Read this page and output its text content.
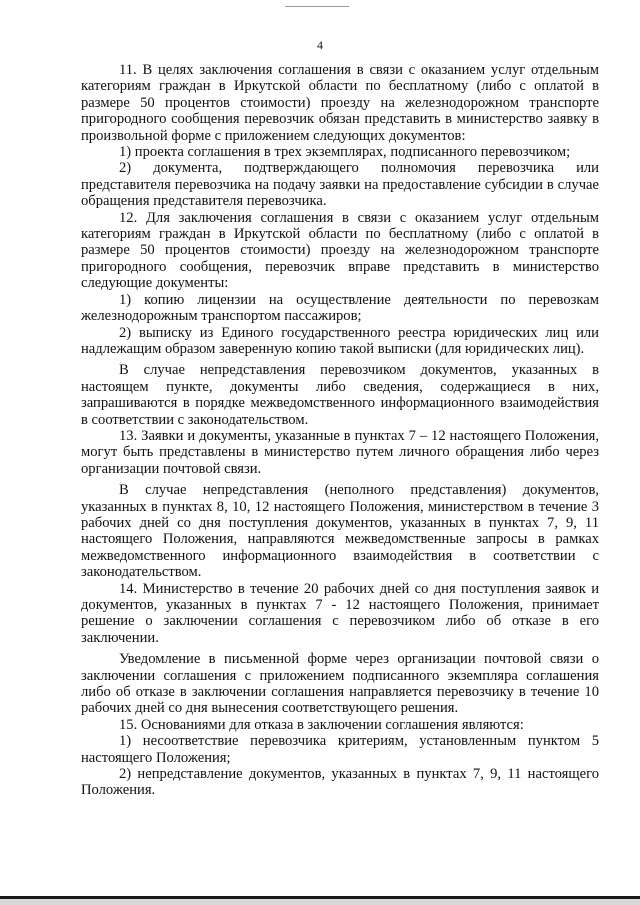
4

11. В целях заключения соглашения в связи с оказанием услуг отдельным категориям граждан в Иркутской области по бесплатному (либо с оплатой в размере 50 процентов стоимости) проезду на железнодорожном транспорте пригородного сообщения перевозчик обязан представить в министерство заявку в произвольной форме с приложением следующих документов:

1) проекта соглашения в трех экземплярах, подписанного перевозчиком;

2) документа, подтверждающего полномочия перевозчика или представителя перевозчика на подачу заявки на предоставление субсидии в случае обращения представителя перевозчика.

12. Для заключения соглашения в связи с оказанием услуг отдельным категориям граждан в Иркутской области по бесплатному (либо с оплатой в размере 50 процентов стоимости) проезду на железнодорожном транспорте пригородного сообщения, перевозчик вправе представить в министерство следующие документы:

1) копию лицензии на осуществление деятельности по перевозкам железнодорожным транспортом пассажиров;

2) выписку из Единого государственного реестра юридических лиц или надлежащим образом заверенную копию такой выписки (для юридических лиц).

В случае непредставления перевозчиком документов, указанных в настоящем пункте, документы либо сведения, содержащиеся в них, запрашиваются в порядке межведомственного информационного взаимодействия в соответствии с законодательством.

13. Заявки и документы, указанные в пунктах 7 – 12 настоящего Положения, могут быть представлены в министерство путем личного обращения либо через организации почтовой связи.

В случае непредставления (неполного представления) документов, указанных в пунктах 8, 10, 12 настоящего Положения, министерством в течение 3 рабочих дней со дня поступления документов, указанных в пунктах 7, 9, 11 настоящего Положения, направляются межведомственные запросы в рамках межведомственного информационного взаимодействия в соответствии с законодательством.

14. Министерство в течение 20 рабочих дней со дня поступления заявок и документов, указанных в пунктах 7 - 12 настоящего Положения, принимает решение о заключении соглашения с перевозчиком либо об отказе в его заключении.

Уведомление в письменной форме через организации почтовой связи о заключении соглашения с приложением подписанного экземпляра соглашения либо об отказе в заключении соглашения направляется перевозчику в течение 10 рабочих дней со дня вынесения соответствующего решения.

15. Основаниями для отказа в заключении соглашения являются:

1) несоответствие перевозчика критериям, установленным пунктом 5 настоящего Положения;

2) непредставление документов, указанных в пунктах 7, 9, 11 настоящего Положения.
